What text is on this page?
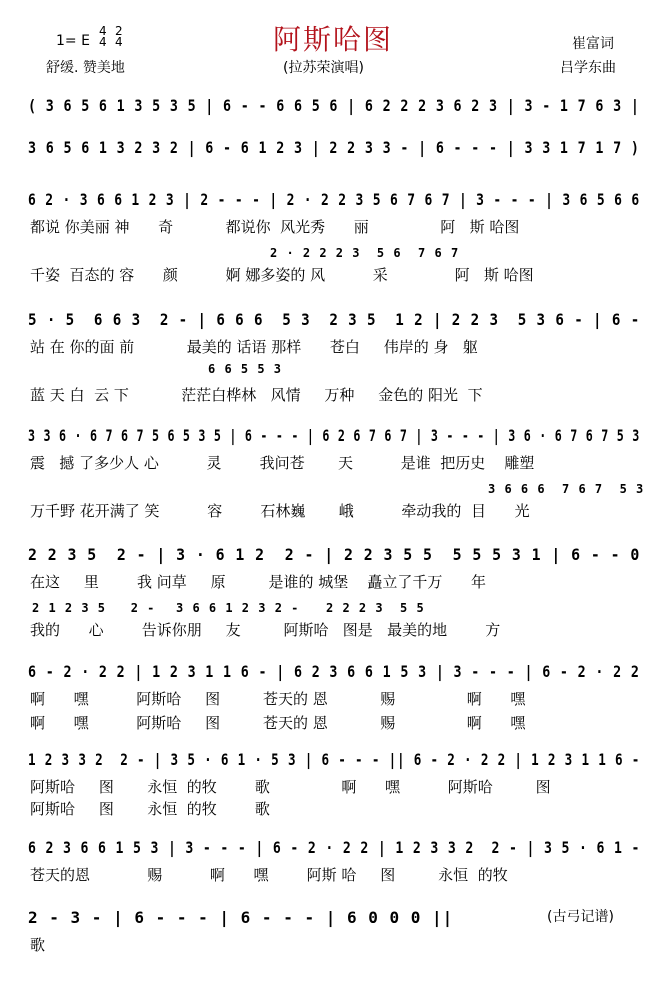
1= E
4
4
2
4	阿斯哈图	崔富词
舒缓. 赞美地	(拉苏荣演唱)	吕学东曲
( 3 6 5 6 1 3 5 3 5 | 6 - - 6 6 5 6 | 6 2 2 2 3 6 2 3 | 3 - 1 7 6 3 |
3 6 5 6 1 3 2 3 2 | 6 - 6 1 2 3 | 2 2 3 3 - | 6 - - - | 3 3 1 7 1 7 )
6 2 · 3 6 6 1 2 3 | 2 - - - | 2 · 2 2 3 5 6 7 6 7 | 3 - - - | 3 6 5 6 6
都说 你美丽 神      奇           都说你  风光秀      丽               阿   斯 哈图
千姿  百态的 容      颜          婀 娜多姿的 风          采              阿   斯 哈图
5 · 5  6 6 3  2 - | 6 6 6  5 3  2 3 5  1 2 | 2 2 3  5 3 6 - | 6 -
站 在 你的面 前           最美的 话语 那样      苍白     伟岸的 身   躯
蓝 天 白  云 下           茫茫白桦林   风情     万种     金色的 阳光  下
3 3 6 · 6 7 6 7 5 6 5 3 5 | 6 - - - | 6 2 6 7 6 7 | 3 - - - | 3 6 · 6 7 6 7 5 3
震   撼 了多少人 心          灵        我问苍       天          是谁  把历史    雕塑
万千野 花开满了 笑          容        石林巍       峨          牵动我的  目      光
2 2 3 5  2 - | 3 · 6 1 2  2 - | 2 2 3 5 5  5 5 5 3 1 | 6 - - 0
在这     里        我 问草     原         是谁的 城堡    矗立了千万      年
我的      心        告诉你朋     友         阿斯哈   图是   最美的地        方
6 - 2 · 2 2 | 1 2 3 1 1 6 - | 6 2 3 6 6 1 5 3 | 3 - - - | 6 - 2 · 2 2
啊      嘿          阿斯哈     图         苍天的 恩           赐               啊      嘿
啊      嘿          阿斯哈     图         苍天的 恩           赐               啊      嘿
1 2 3 3 2  2 - | 3 5 · 6 1 · 5 3 | 6 - - - || 6 - 2 · 2 2 | 1 2 3 1 1 6 -
阿斯哈     图       永恒  的牧        歌               啊      嘿          阿斯哈         图
阿斯哈     图       永恒  的牧        歌
6 2 3 6 6 1 5 3 | 3 - - - | 6 - 2 · 2 2 | 1 2 3 3 2  2 - | 3 5 · 6 1 -
苍天的恩            赐          啊      嘿        阿斯 哈     图         永恒  的牧
2 - 3 - | 6 - - - | 6 - - - | 6 0 0 0 ||
歌
2 · 2 2 2 3  5 6  7 6 7
6 6 5 5 3
3 6 6 6  7 6 7  5 3
2 1 2 3 5   2 - 3 6 6 1 2 3 2 - 2 2 2 3  5 5
(古弓记谱)
